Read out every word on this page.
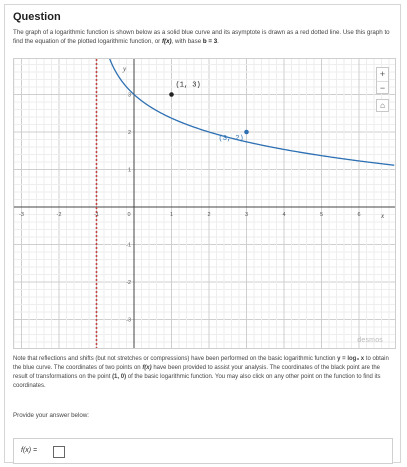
Question
The graph of a logarithmic function is shown below as a solid blue curve and its asymptote is drawn as a red dotted line. Use this graph to find the equation of the plotted logarithmic function, or f(x), with base b = 3.
-3	-2	-1	0	1	2	3	4	5	6
3
2
1
-1
-2
-3
x
y
(1, 3)
(3, 2)
+
−
⌂
desmos
Note that reflections and shifts (but not stretches or compressions) have been performed on the basic logarithmic function y = log₃ x to obtain the blue curve. The coordinates of two points on f(x) have been provided to assist your analysis. The coordinates of the black point are the result of transformations on the point (1, 0) of the basic logarithmic function. You may also click on any other point on the function to find its coordinates.
Provide your answer below:
f(x) =
